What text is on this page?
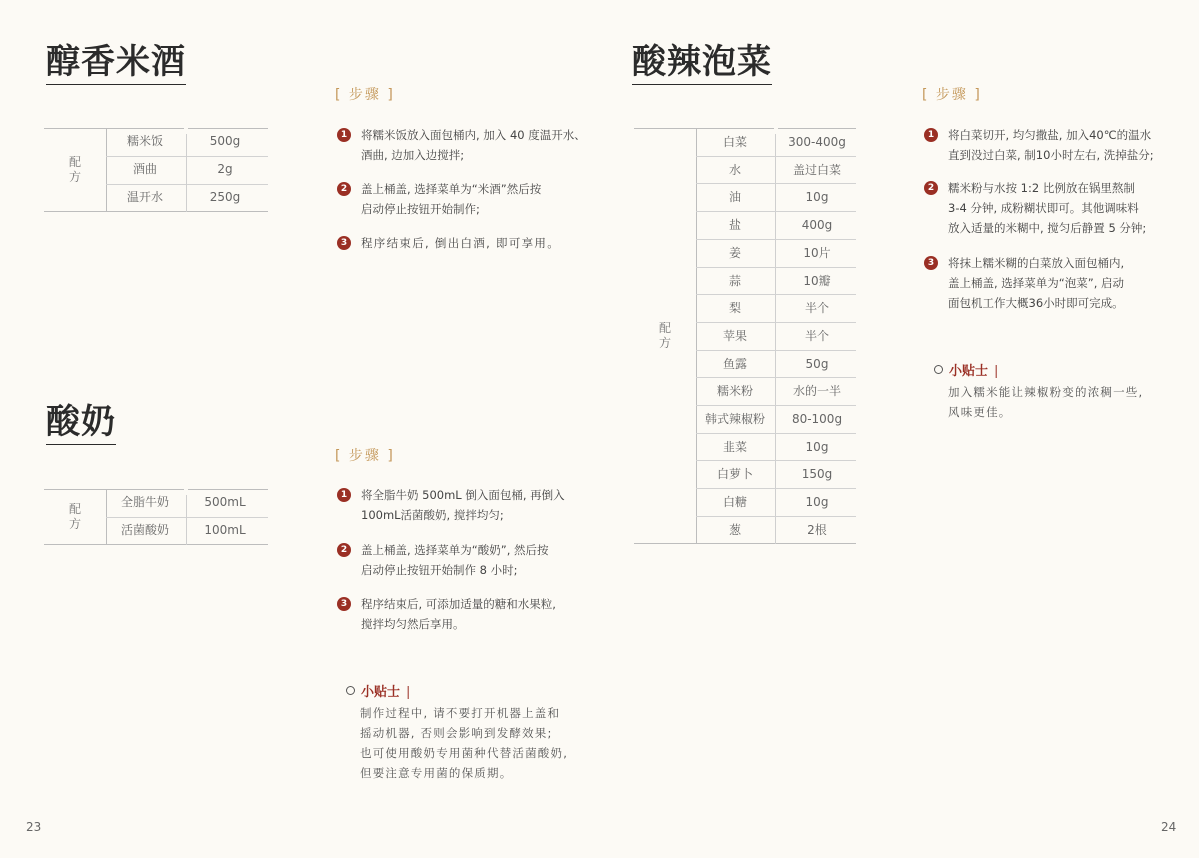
醇香米酒
[ 步骤 ]
配
方
糯米饭	500g
酒曲	2g
温开水	250g
1	将糯米饭放入面包桶内, 加入 40 度温开水、
酒曲, 边加入边搅拌;
2	盖上桶盖, 选择菜单为“米酒”然后按
启动停止按钮开始制作;
3	程序结束后, 倒出白酒, 即可享用。
酸奶
[ 步骤 ]
配
方
全脂牛奶	500mL
活菌酸奶	100mL
1	将全脂牛奶 500mL 倒入面包桶, 再倒入
100mL活菌酸奶, 搅拌均匀;
2	盖上桶盖, 选择菜单为“酸奶”, 然后按
启动停止按钮开始制作 8 小时;
3	程序结束后, 可添加适量的糖和水果粒,
搅拌均匀然后享用。
小贴士 |
制作过程中, 请不要打开机器上盖和
摇动机器, 否则会影响到发酵效果;
也可使用酸奶专用菌种代替活菌酸奶,
但要注意专用菌的保质期。
23
酸辣泡菜
[ 步骤 ]
配
方
白菜	300-400g
水	盖过白菜
油	10g
盐	400g
姜	10片
蒜	10瓣
梨	半个
苹果	半个
鱼露	50g
糯米粉	水的一半
韩式辣椒粉	80-100g
韭菜	10g
白萝卜	150g
白糖	10g
葱	2根
1	将白菜切开, 均匀撒盐, 加入40℃的温水
直到没过白菜, 制10小时左右, 洗掉盐分;
2	糯米粉与水按 1:2 比例放在锅里熬制
3-4 分钟, 成粉糊状即可。其他调味料
放入适量的米糊中, 搅匀后静置 5 分钟;
3	将抹上糯米糊的白菜放入面包桶内,
盖上桶盖, 选择菜单为“泡菜”, 启动
面包机工作大概36小时即可完成。
小贴士 |
加入糯米能让辣椒粉变的浓稠一些,
风味更佳。
24
